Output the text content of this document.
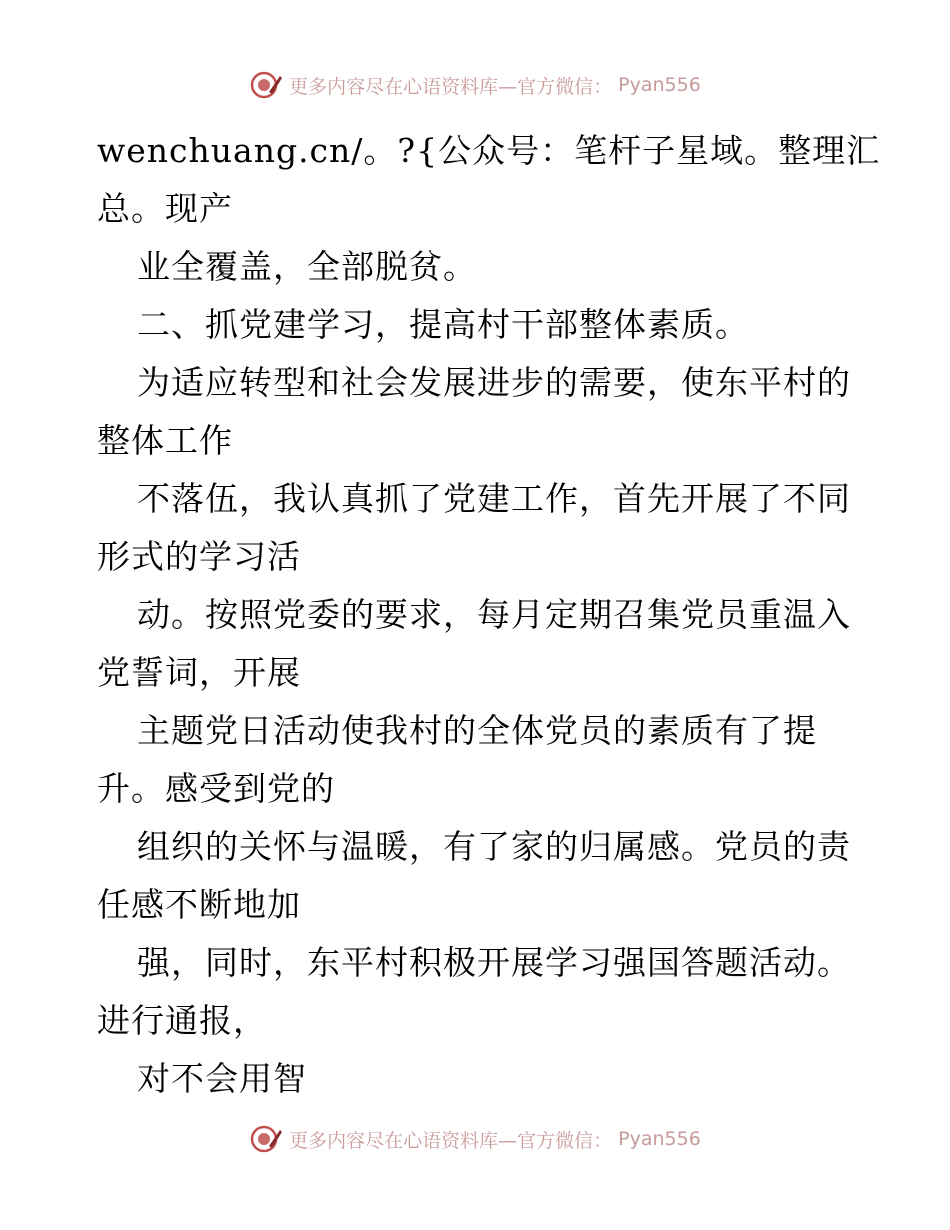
更多内容尽在心语资料库—官方微信： Pyan556
wenchuang.cn/。?{公众号：笔杆子星域。整理汇
总。现产
业全覆盖，全部脱贫。
二、抓党建学习，提高村干部整体素质。
为适应转型和社会发展进步的需要，使东平村的
整体工作
不落伍，我认真抓了党建工作，首先开展了不同
形式的学习活
动。按照党委的要求，每月定期召集党员重温入
党誓词，开展
主题党日活动使我村的全体党员的素质有了提
升。感受到党的
组织的关怀与温暖，有了家的归属感。党员的责
任感不断地加
强，同时，东平村积极开展学习强国答题活动。
进行通报，
对不会用智
更多内容尽在心语资料库—官方微信： Pyan556
